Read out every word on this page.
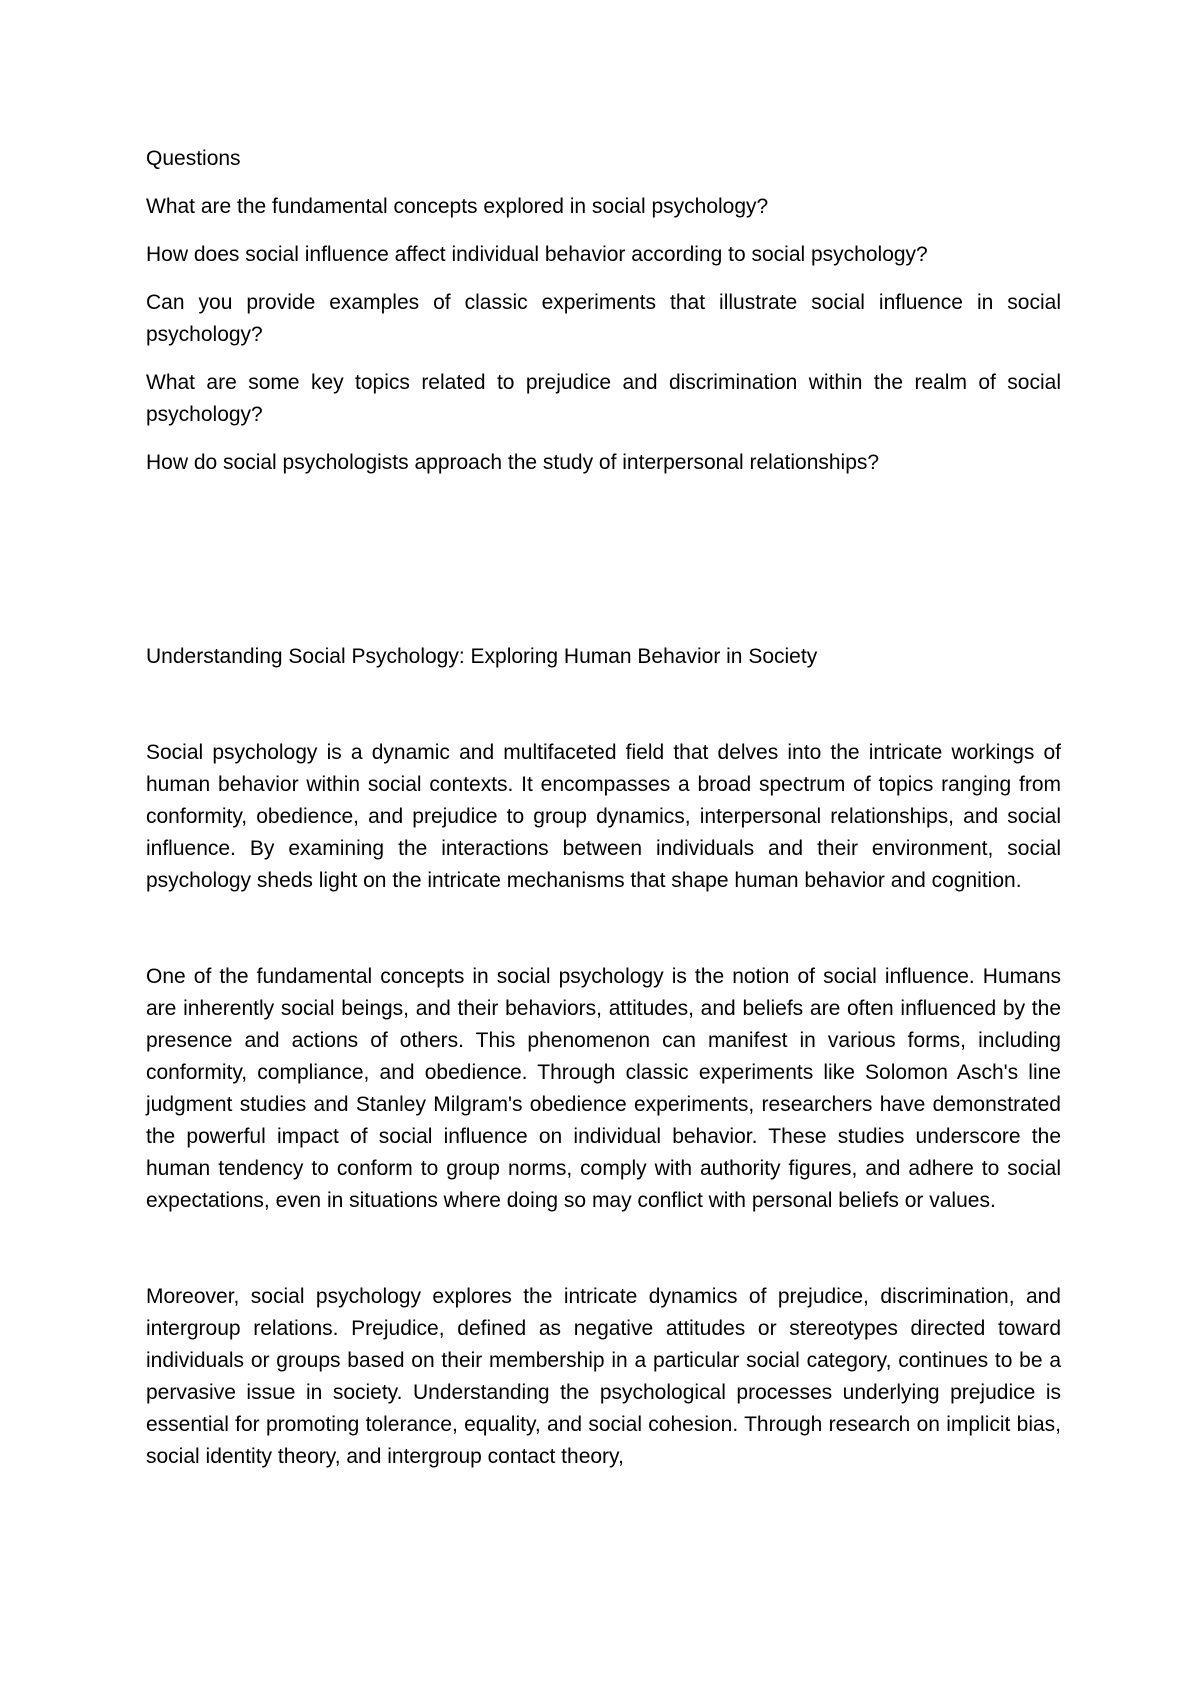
Questions

What are the fundamental concepts explored in social psychology?

How does social influence affect individual behavior according to social psychology?

Can you provide examples of classic experiments that illustrate social influence in social psychology?

What are some key topics related to prejudice and discrimination within the realm of social psychology?

How do social psychologists approach the study of interpersonal relationships?

Understanding Social Psychology: Exploring Human Behavior in Society

Social psychology is a dynamic and multifaceted field that delves into the intricate workings of human behavior within social contexts. It encompasses a broad spectrum of topics ranging from conformity, obedience, and prejudice to group dynamics, interpersonal relationships, and social influence. By examining the interactions between individuals and their environment, social psychology sheds light on the intricate mechanisms that shape human behavior and cognition.

One of the fundamental concepts in social psychology is the notion of social influence. Humans are inherently social beings, and their behaviors, attitudes, and beliefs are often influenced by the presence and actions of others. This phenomenon can manifest in various forms, including conformity, compliance, and obedience. Through classic experiments like Solomon Asch's line judgment studies and Stanley Milgram's obedience experiments, researchers have demonstrated the powerful impact of social influence on individual behavior. These studies underscore the human tendency to conform to group norms, comply with authority figures, and adhere to social expectations, even in situations where doing so may conflict with personal beliefs or values.

Moreover, social psychology explores the intricate dynamics of prejudice, discrimination, and intergroup relations. Prejudice, defined as negative attitudes or stereotypes directed toward individuals or groups based on their membership in a particular social category, continues to be a pervasive issue in society. Understanding the psychological processes underlying prejudice is essential for promoting tolerance, equality, and social cohesion. Through research on implicit bias, social identity theory, and intergroup contact theory,
